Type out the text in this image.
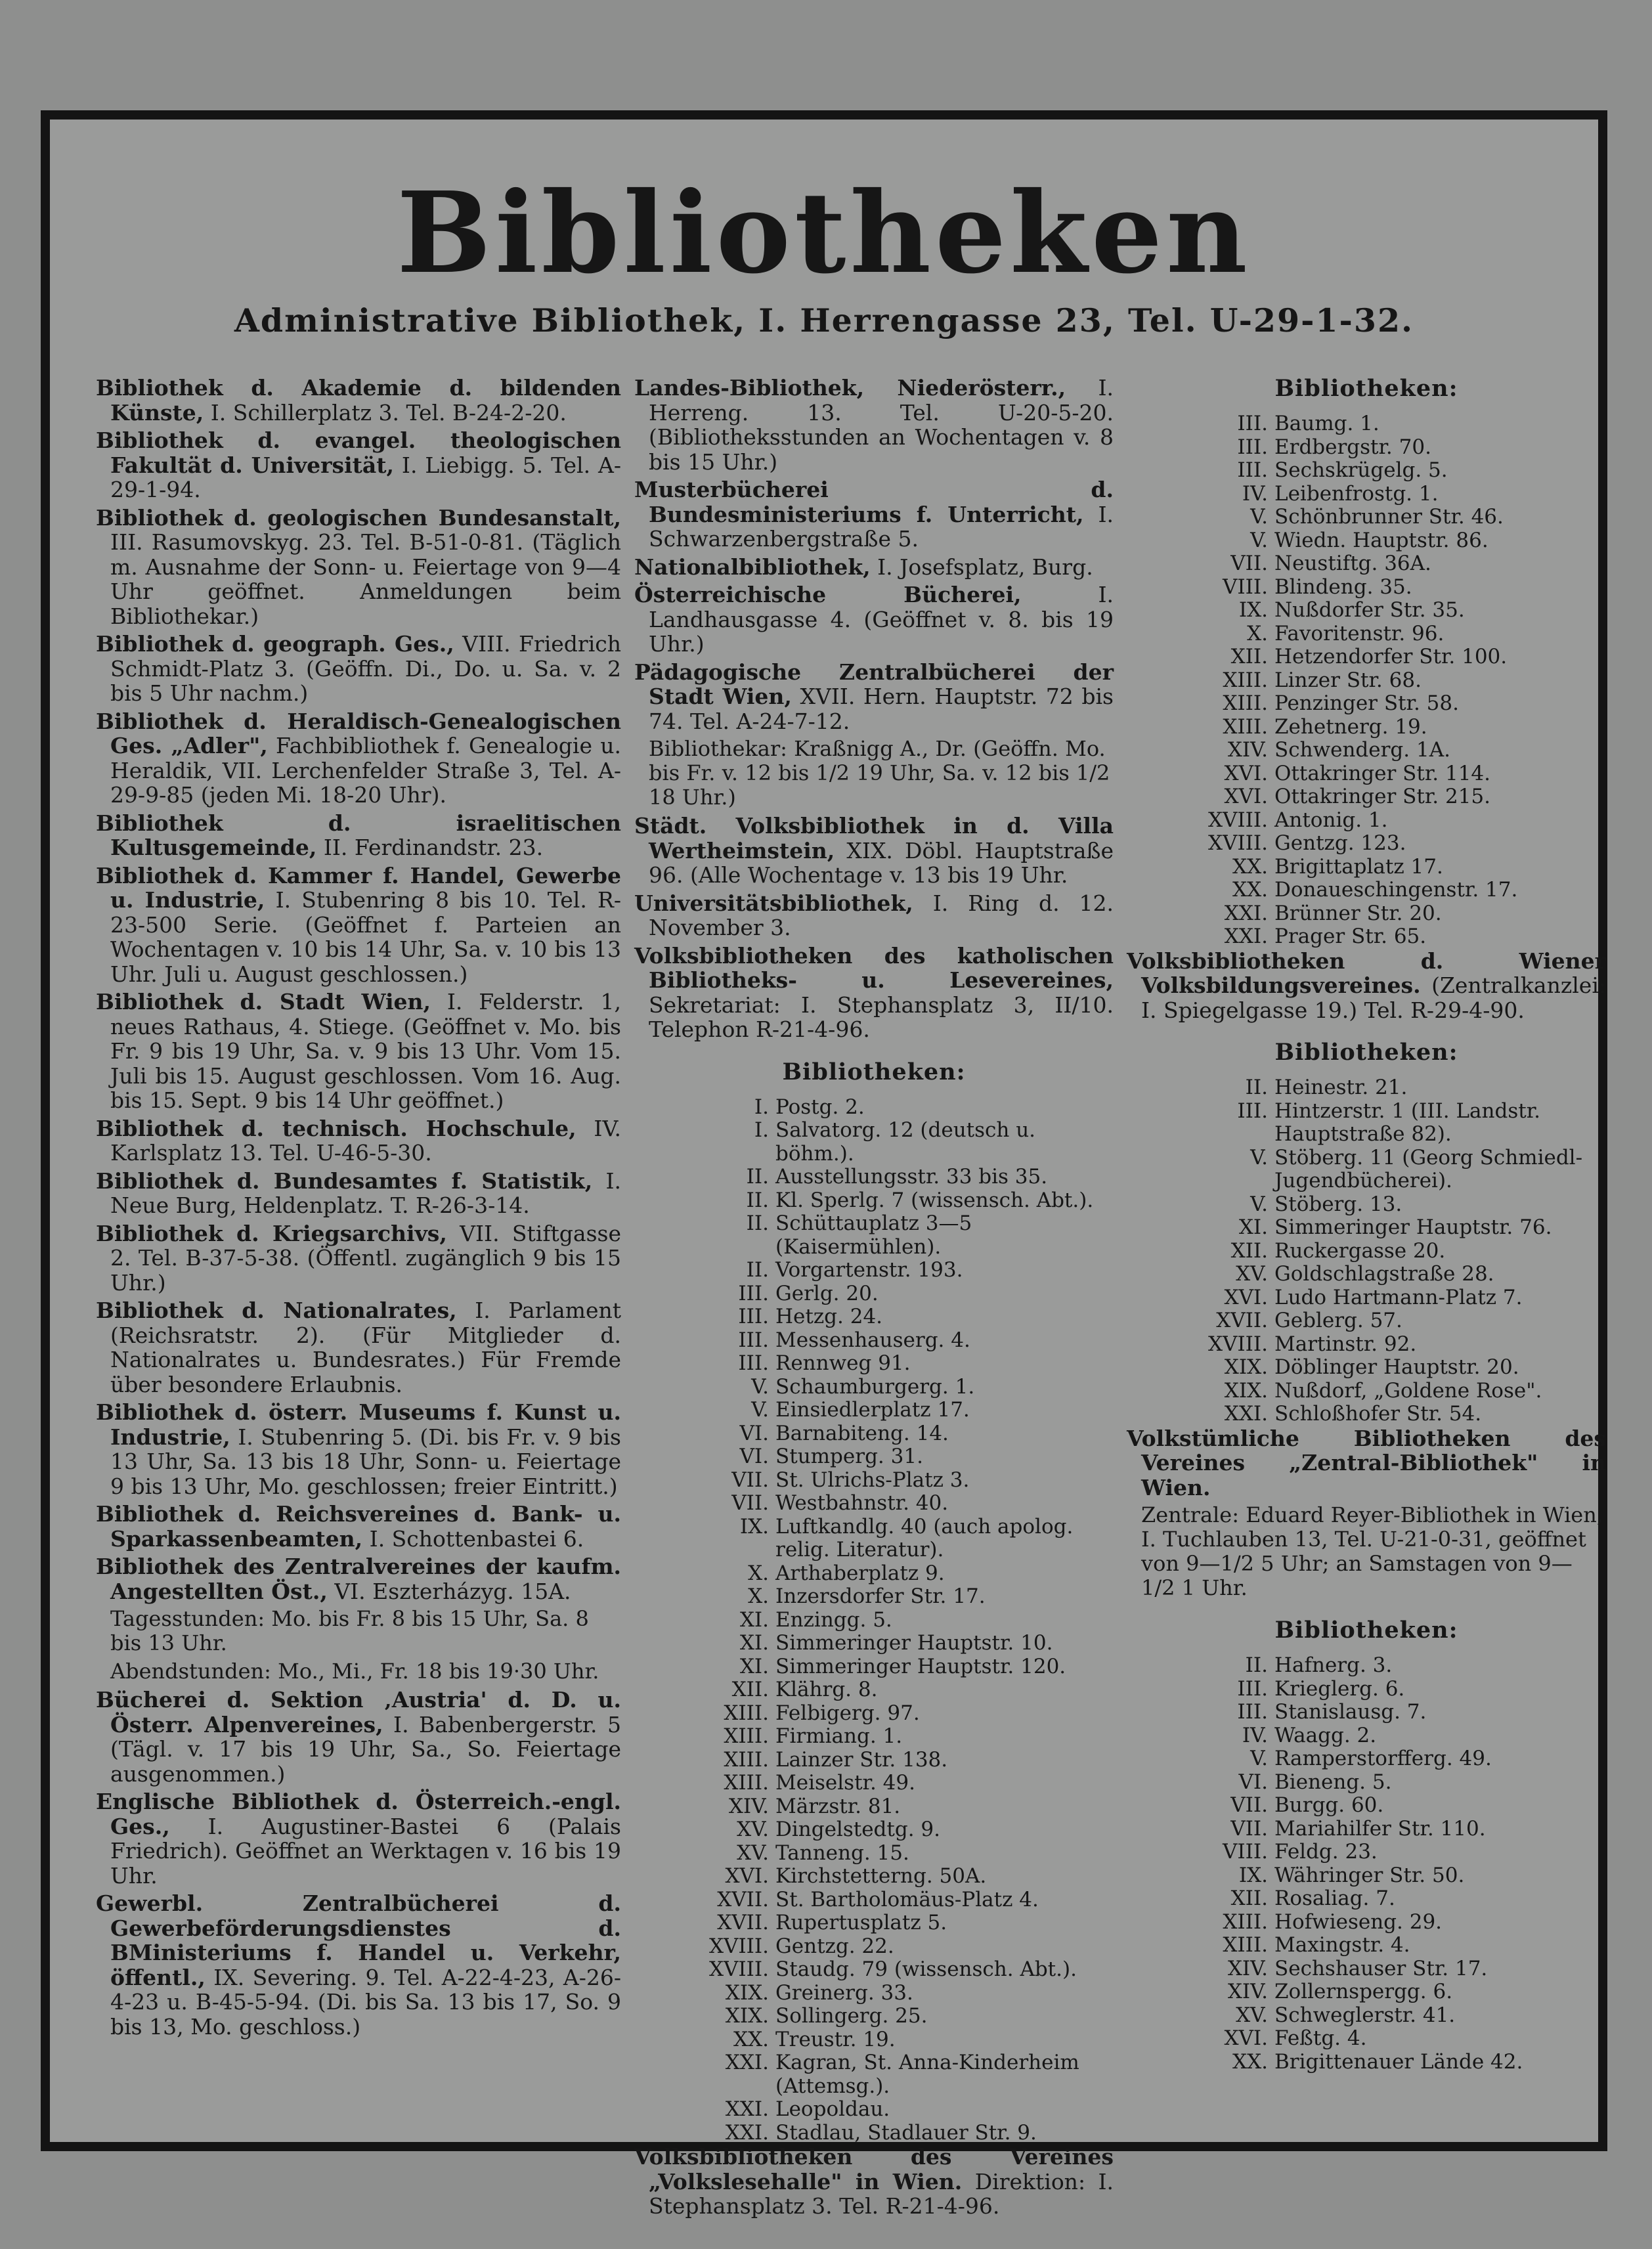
Bibliotheken
Administrative Bibliothek, I. Herrengasse 23, Tel. U-29-1-32.
Bibliothek d. Akademie d. bildenden Künste, I. Schillerplatz 3. Tel. B-24-2-20.
Bibliothek d. evangel. theologischen Fakultät d. Universität, I. Liebigg. 5. Tel. A-29-1-94.
Bibliothek d. geologischen Bundesanstalt, III. Rasumovskyg. 23. Tel. B-51-0-81. (Täglich m. Ausnahme der Sonn- u. Feiertage von 9—4 Uhr geöffnet. Anmeldungen beim Bibliothekar.)
Bibliothek d. geograph. Ges., VIII. Friedrich Schmidt-Platz 3. (Geöffn. Di., Do. u. Sa. v. 2 bis 5 Uhr nachm.)
Bibliothek d. Heraldisch-Genealogischen Ges. „Adler", Fachbibliothek f. Genealogie u. Heraldik, VII. Lerchenfelder Straße 3, Tel. A-29-9-85 (jeden Mi. 18-20 Uhr).
Bibliothek d. israelitischen Kultusgemeinde, II. Ferdinandstr. 23.
Bibliothek d. Kammer f. Handel, Gewerbe u. Industrie, I. Stubenring 8 bis 10. Tel. R-23-500 Serie. (Geöffnet f. Parteien an Wochentagen v. 10 bis 14 Uhr, Sa. v. 10 bis 13 Uhr. Juli u. August geschlossen.)
Bibliothek d. Stadt Wien, I. Felderstr. 1, neues Rathaus, 4. Stiege. (Geöffnet v. Mo. bis Fr. 9 bis 19 Uhr, Sa. v. 9 bis 13 Uhr. Vom 15. Juli bis 15. August geschlossen. Vom 16. Aug. bis 15. Sept. 9 bis 14 Uhr geöffnet.)
Bibliothek d. technisch. Hochschule, IV. Karlsplatz 13. Tel. U-46-5-30.
Bibliothek d. Bundesamtes f. Statistik, I. Neue Burg, Heldenplatz. T. R-26-3-14.
Bibliothek d. Kriegsarchivs, VII. Stiftgasse 2. Tel. B-37-5-38. (Öffentl. zugänglich 9 bis 15 Uhr.)
Bibliothek d. Nationalrates, I. Parlament (Reichsratstr. 2). (Für Mitglieder d. Nationalrates u. Bundesrates.) Für Fremde über besondere Erlaubnis.
Bibliothek d. österr. Museums f. Kunst u. Industrie, I. Stubenring 5. (Di. bis Fr. v. 9 bis 13 Uhr, Sa. 13 bis 18 Uhr, Sonn- u. Feiertage 9 bis 13 Uhr, Mo. geschlossen; freier Eintritt.)
Bibliothek d. Reichsvereines d. Bank- u. Sparkassenbeamten, I. Schottenbastei 6.
Bibliothek des Zentralvereines der kaufm. Angestellten Öst., VI. Eszterházyg. 15A.
Tagesstunden: Mo. bis Fr. 8 bis 15 Uhr, Sa. 8 bis 13 Uhr.
Abendstunden: Mo., Mi., Fr. 18 bis 19·30 Uhr.
Bücherei d. Sektion ‚Austria' d. D. u. Österr. Alpenvereines, I. Babenbergerstr. 5 (Tägl. v. 17 bis 19 Uhr, Sa., So. Feiertage ausgenommen.)
Englische Bibliothek d. Österreich.-engl. Ges., I. Augustiner-Bastei 6 (Palais Friedrich). Geöffnet an Werktagen v. 16 bis 19 Uhr.
Gewerbl. Zentralbücherei d. Gewerbeförderungsdienstes d. BMinisteriums f. Handel u. Verkehr, öffentl., IX. Severing. 9. Tel. A-22-4-23, A-26-4-23 u. B-45-5-94. (Di. bis Sa. 13 bis 17, So. 9 bis 13, Mo. geschloss.)
Landes-Bibliothek, Niederösterr., I. Herreng. 13. Tel. U-20-5-20. (Bibliotheksstunden an Wochentagen v. 8 bis 15 Uhr.)
Musterbücherei d. Bundesministeriums f. Unterricht, I. Schwarzenbergstraße 5.
Nationalbibliothek, I. Josefsplatz, Burg.
Österreichische Bücherei, I. Landhausgasse 4. (Geöffnet v. 8. bis 19 Uhr.)
Pädagogische Zentralbücherei der Stadt Wien, XVII. Hern. Hauptstr. 72 bis 74. Tel. A-24-7-12.
Bibliothekar: Kraßnigg A., Dr. (Geöffn. Mo. bis Fr. v. 12 bis 1/2 19 Uhr, Sa. v. 12 bis 1/2 18 Uhr.)
Städt. Volksbibliothek in d. Villa Wertheimstein, XIX. Döbl. Hauptstraße 96. (Alle Wochentage v. 13 bis 19 Uhr.
Universitätsbibliothek, I. Ring d. 12. November 3.
Volksbibliotheken des katholischen Bibliotheks- u. Lesevereines, Sekretariat: I. Stephansplatz 3, II/10. Telephon R-21-4-96.
Bibliotheken:
I. Postg. 2.
I. Salvatorg. 12 (deutsch u. böhm.).
II. Ausstellungsstr. 33 bis 35.
II. Kl. Sperlg. 7 (wissensch. Abt.).
II. Schüttauplatz 3—5 (Kaisermühlen).
II. Vorgartenstr. 193.
III. Gerlg. 20.
III. Hetzg. 24.
III. Messenhauserg. 4.
III. Rennweg 91.
V. Schaumburgerg. 1.
V. Einsiedlerplatz 17.
VI. Barnabiteng. 14.
VI. Stumperg. 31.
VII. St. Ulrichs-Platz 3.
VII. Westbahnstr. 40.
IX. Luftkandlg. 40 (auch apolog. relig. Literatur).
X. Arthaberplatz 9.
X. Inzersdorfer Str. 17.
XI. Enzingg. 5.
XI. Simmeringer Hauptstr. 10.
XI. Simmeringer Hauptstr. 120.
XII. Klährg. 8.
XIII. Felbigerg. 97.
XIII. Firmiang. 1.
XIII. Lainzer Str. 138.
XIII. Meiselstr. 49.
XIV. Märzstr. 81.
XV. Dingelstedtg. 9.
XV. Tanneng. 15.
XVI. Kirchstetterng. 50A.
XVII. St. Bartholomäus-Platz 4.
XVII. Rupertusplatz 5.
XVIII. Gentzg. 22.
XVIII. Staudg. 79 (wissensch. Abt.).
XIX. Greinerg. 33.
XIX. Sollingerg. 25.
XX. Treustr. 19.
XXI. Kagran, St. Anna-Kinderheim (Attemsg.).
XXI. Leopoldau.
XXI. Stadlau, Stadlauer Str. 9.
Volksbibliotheken des Vereines „Volkslesehalle" in Wien. Direktion: I. Stephansplatz 3. Tel. R-21-4-96.
Bibliotheken:
III. Baumg. 1.
III. Erdbergstr. 70.
III. Sechskrügelg. 5.
IV. Leibenfrostg. 1.
V. Schönbrunner Str. 46.
V. Wiedn. Hauptstr. 86.
VII. Neustiftg. 36A.
VIII. Blindeng. 35.
IX. Nußdorfer Str. 35.
X. Favoritenstr. 96.
XII. Hetzendorfer Str. 100.
XIII. Linzer Str. 68.
XIII. Penzinger Str. 58.
XIII. Zehetnerg. 19.
XIV. Schwenderg. 1A.
XVI. Ottakringer Str. 114.
XVI. Ottakringer Str. 215.
XVIII. Antonig. 1.
XVIII. Gentzg. 123.
XX. Brigittaplatz 17.
XX. Donaueschingenstr. 17.
XXI. Brünner Str. 20.
XXI. Prager Str. 65.
Volksbibliotheken d. Wiener Volksbildungsvereines. (Zentralkanzlei: I. Spiegelgasse 19.) Tel. R-29-4-90.
Bibliotheken:
II. Heinestr. 21.
III. Hintzerstr. 1 (III. Landstr. Hauptstraße 82).
V. Stöberg. 11 (Georg Schmiedl-Jugendbücherei).
V. Stöberg. 13.
XI. Simmeringer Hauptstr. 76.
XII. Ruckergasse 20.
XV. Goldschlagstraße 28.
XVI. Ludo Hartmann-Platz 7.
XVII. Geblerg. 57.
XVIII. Martinstr. 92.
XIX. Döblinger Hauptstr. 20.
XIX. Nußdorf, „Goldene Rose".
XXI. Schloßhofer Str. 54.
Volkstümliche Bibliotheken des Vereines „Zentral-Bibliothek" in Wien.
Zentrale: Eduard Reyer-Bibliothek in Wien, I. Tuchlauben 13, Tel. U-21-0-31, geöffnet von 9—1/2 5 Uhr; an Samstagen von 9—1/2 1 Uhr.
Bibliotheken:
II. Hafnerg. 3.
III. Krieglerg. 6.
III. Stanislausg. 7.
IV. Waagg. 2.
V. Ramperstorfferg. 49.
VI. Bieneng. 5.
VII. Burgg. 60.
VII. Mariahilfer Str. 110.
VIII. Feldg. 23.
IX. Währinger Str. 50.
XII. Rosaliag. 7.
XIII. Hofwieseng. 29.
XIII. Maxingstr. 4.
XIV. Sechshauser Str. 17.
XIV. Zollernspergg. 6.
XV. Schweglerstr. 41.
XVI. Feßtg. 4.
XX. Brigittenauer Lände 42.
